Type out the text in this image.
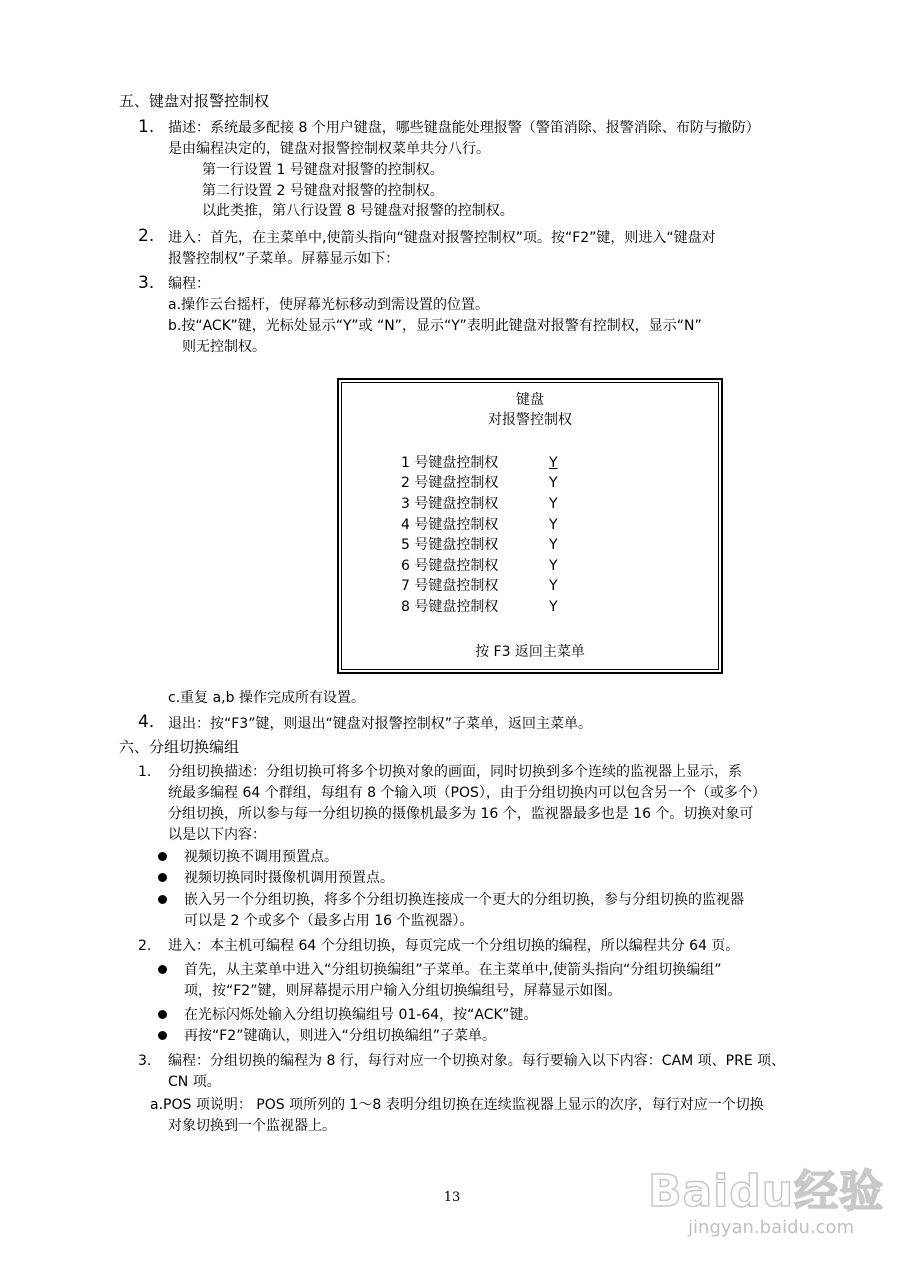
五、键盘对报警控制权
1. 描述：系统最多配接 8 个用户键盘，哪些键盘能处理报警（警笛消除、报警消除、布防与撤防）
是由编程决定的，键盘对报警控制权菜单共分八行。
第一行设置 1 号键盘对报警的控制权。
第二行设置 2 号键盘对报警的控制权。
以此类推，第八行设置 8 号键盘对报警的控制权。
2. 进入：首先，在主菜单中,使箭头指向“键盘对报警控制权”项。按“F2”键，则进入“键盘对
报警控制权”子菜单。屏幕显示如下：
3. 编程：
a.操作云台摇杆，使屏幕光标移动到需设置的位置。
b.按“ACK”键，光标处显示“Y”或 “N”，显示“Y”表明此键盘对报警有控制权，显示“N”
则无控制权。
键盘
对报警控制权
1 号键盘控制权	Y
2 号键盘控制权	Y
3 号键盘控制权	Y
4 号键盘控制权	Y
5 号键盘控制权	Y
6 号键盘控制权	Y
7 号键盘控制权	Y
8 号键盘控制权	Y
按 F3 返回主菜单
c.重复 a,b 操作完成所有设置。
4. 退出：按“F3”键，则退出“键盘对报警控制权”子菜单，返回主菜单。
六、分组切换编组
1. 分组切换描述：分组切换可将多个切换对象的画面，同时切换到多个连续的监视器上显示，系
统最多编程 64 个群组，每组有 8 个输入项（POS），由于分组切换内可以包含另一个（或多个）
分组切换，所以参与每一分组切换的摄像机最多为 16 个，监视器最多也是 16 个。切换对象可
以是以下内容：
视频切换不调用预置点。
视频切换同时摄像机调用预置点。
嵌入另一个分组切换，将多个分组切换连接成一个更大的分组切换，参与分组切换的监视器
可以是 2 个或多个（最多占用 16 个监视器）。
2. 进入：本主机可编程 64 个分组切换，每页完成一个分组切换的编程，所以编程共分 64 页。
首先，从主菜单中进入“分组切换编组”子菜单。在主菜单中,使箭头指向“分组切换编组”
项，按“F2”键，则屏幕提示用户输入分组切换编组号，屏幕显示如图。
在光标闪烁处输入分组切换编组号 01-64，按“ACK”键。
再按“F2”键确认，则进入“分组切换编组”子菜单。
3. 编程：分组切换的编程为 8 行，每行对应一个切换对象。每行要输入以下内容：CAM 项、PRE 项、
CN 项。
a.POS 项说明： POS 项所列的 1～8 表明分组切换在连续监视器上显示的次序，每行对应一个切换
对象切换到一个监视器上。
13	Baidu经验
jingyan.baidu.com
